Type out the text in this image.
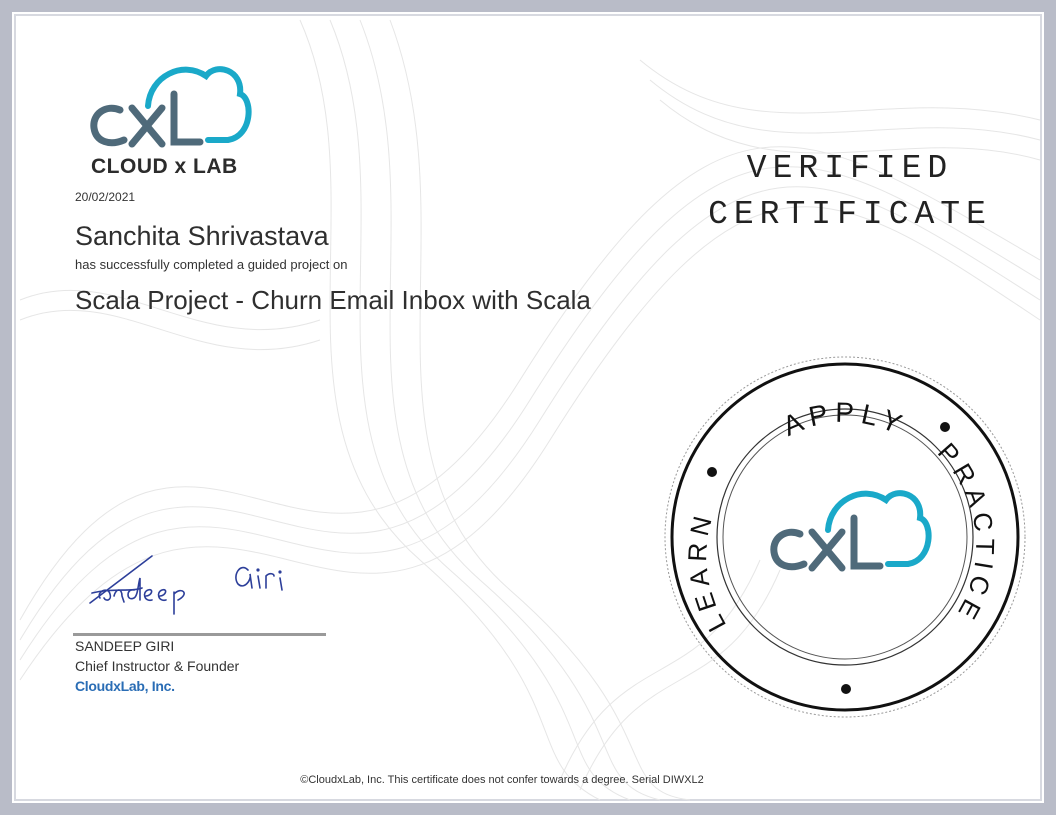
CLOUD x LAB
20/02/2021
Sanchita Shrivastava
has successfully completed a guided project on
Scala Project - Churn Email Inbox with Scala
VERIFIED
CERTIFICATE
SANDEEP GIRI
Chief Instructor & Founder
CloudxLab, Inc.
APPLY
PRACTICE
LEARN
©CloudxLab, Inc. This certificate does not confer towards a degree. Serial DIWXL2
